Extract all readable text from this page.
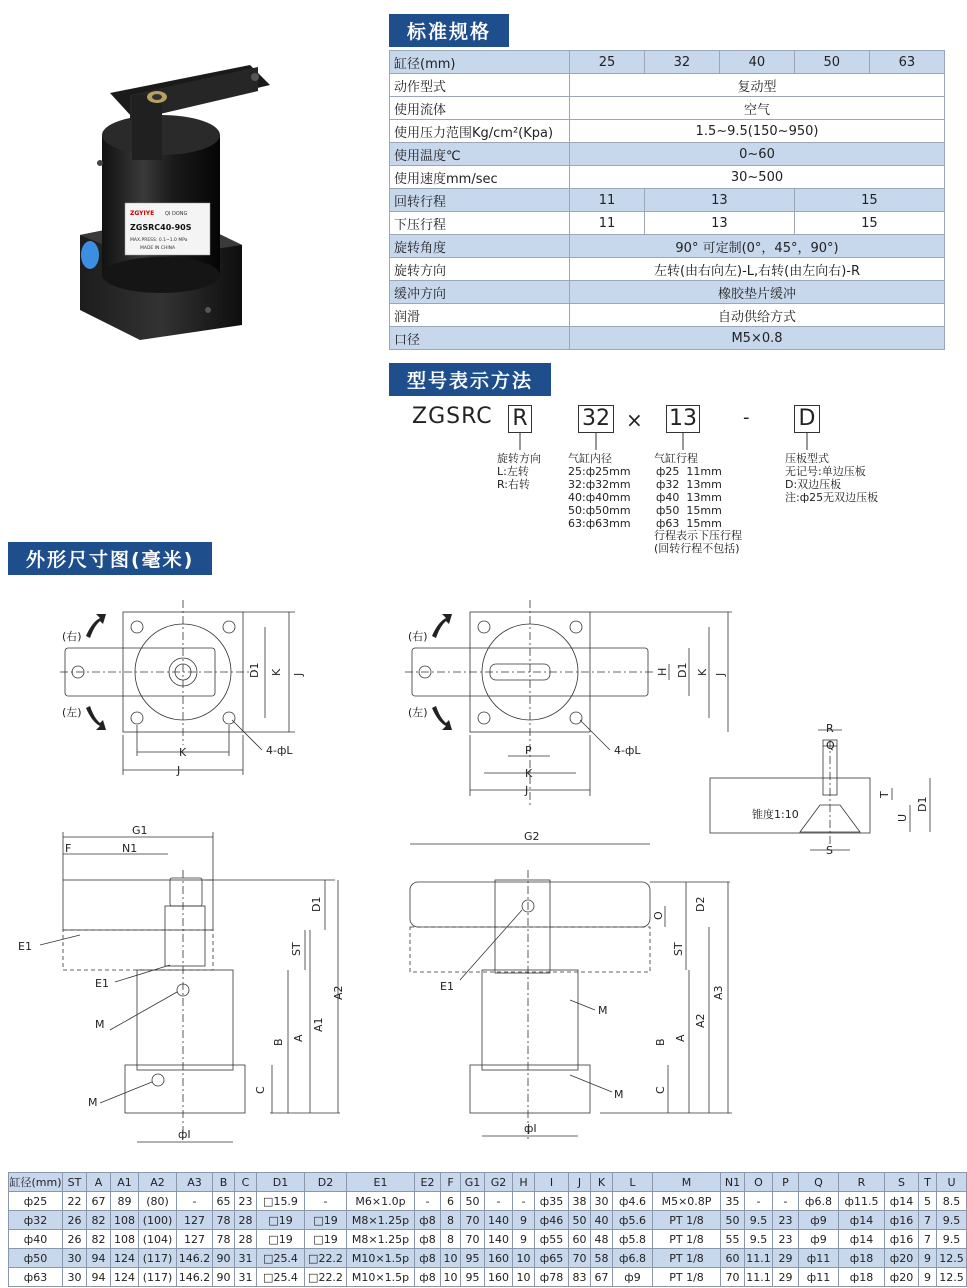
ZGYIYE QI DONG
ZGSRC40-90S
MAX.PRESS: 0.1~1.0 MPa
MADE IN CHINA
标准规格
缸径(mm)	25	32	40	50	63
动作型式	复动型				
使用流体	空气				
使用压力范围Kg/cm²(Kpa)	1.5~9.5(150~950)				
使用温度℃	0~60				
使用速度mm/sec	30~500				
回转行程	11	13		15	
下压行程	11	13		15	
旋转角度	90° 可定制(0°，45°，90°)				
旋转方向	左转(由右向左)-L,右转(由左向右)-R				
缓冲方向	橡胶垫片缓冲				
润滑	自动供给方式				
口径	M5×0.8				
型号表示方法
ZGSRC R 32 × 13	- D
旋转方向
L:左转
R:右转
气缸内径
25:ф25mm
32:ф32mm
40:ф40mm
50:ф50mm
63:ф63mm
气缸行程
ф25  11mm
ф32  13mm
ф40  13mm
ф50  15mm
ф63  15mm
行程表示下压行程
(回转行程不包括)
压板型式
无记号:单边压板
D:双边压板
注:ф25无双边压板
外形尺寸图(毫米)
(右)
(左)
K
J
D1 K J
4-фL
(右)
(左)
P
K
J
H D1 K J
4-фL
R
Q
T
U
D1
S
锥度1:10
G1
F	N1
E1
E1
M
M
фI
C
B
ST
A
D1
A1
A2
G2
E1
M
M
фI
O
ST
C
B
A
D2
A2
A3
缸径(mm)	ST	A	A1	A2	A3	B	C	D1	D2	E1	E2	F	G1	G2	H	I	J	K	L	M	N1	O	P	Q	R	S	T	U
ф25	22	67	89	(80)	-	65	23	□15.9	-	M6×1.0p	-	6	50	-	-	ф35	38	30	ф4.6	M5×0.8P	35	-	-	ф6.8	ф11.5	ф14	5	8.5
ф32	26	82	108	(100)	127	78	28	□19	□19	M8×1.25p	ф8	8	70	140	9	ф46	50	40	ф5.6	PT 1/8	50	9.5	23	ф9	ф14	ф16	7	9.5
ф40	26	82	108	(104)	127	78	28	□19	□19	M8×1.25p	ф8	8	70	140	9	ф55	60	48	ф5.8	PT 1/8	55	9.5	23	ф9	ф14	ф16	7	9.5
ф50	30	94	124	(117)	146.2	90	31	□25.4	□22.2	M10×1.5p	ф8	10	95	160	10	ф65	70	58	ф6.8	PT 1/8	60	11.1	29	ф11	ф18	ф20	9	12.5
ф63	30	94	124	(117)	146.2	90	31	□25.4	□22.2	M10×1.5p	ф8	10	95	160	10	ф78	83	67	ф9	PT 1/8	70	11.1	29	ф11	ф18	ф20	9	12.5
